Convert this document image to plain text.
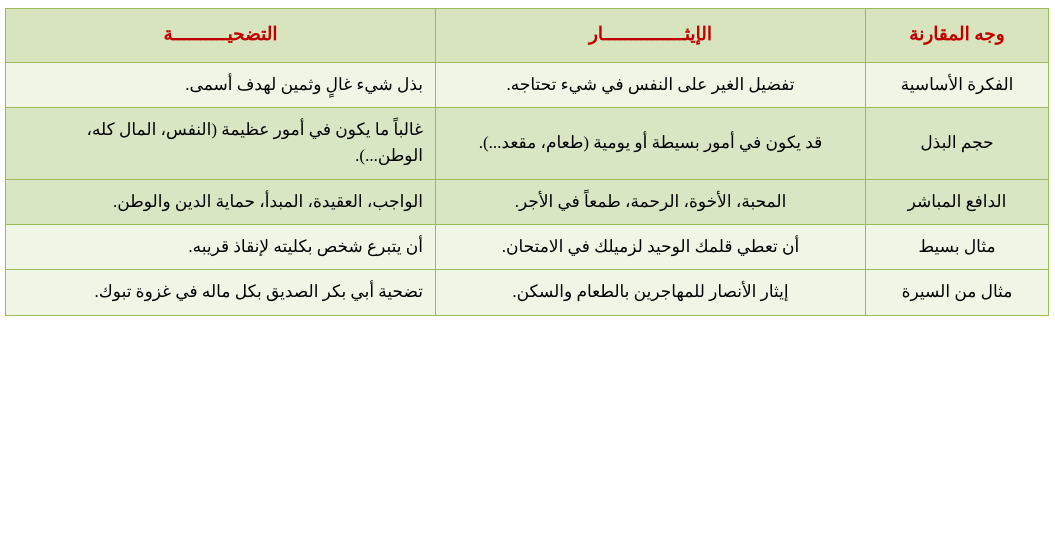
وجه المقارنة	الإيثـــــــــــــــار	التضحيــــــــــة
الفكرة الأساسية	تفضيل الغير على النفس في شيء تحتاجه.	بذل شيء غالٍ وثمين لهدف أسمى.
حجم البذل	قد يكون في أمور بسيطة أو يومية (طعام، مقعد...).	غالباً ما يكون في أمور عظيمة (النفس، المال كله، الوطن...).
الدافع المباشر	المحبة، الأخوة، الرحمة، طمعاً في الأجر.	الواجب، العقيدة، المبدأ، حماية الدين والوطن.
مثال بسيط	أن تعطي قلمك الوحيد لزميلك في الامتحان.	أن يتبرع شخص بكليته لإنقاذ قريبه.
مثال من السيرة	إيثار الأنصار للمهاجرين بالطعام والسكن.	تضحية أبي بكر الصديق بكل ماله في غزوة تبوك.
